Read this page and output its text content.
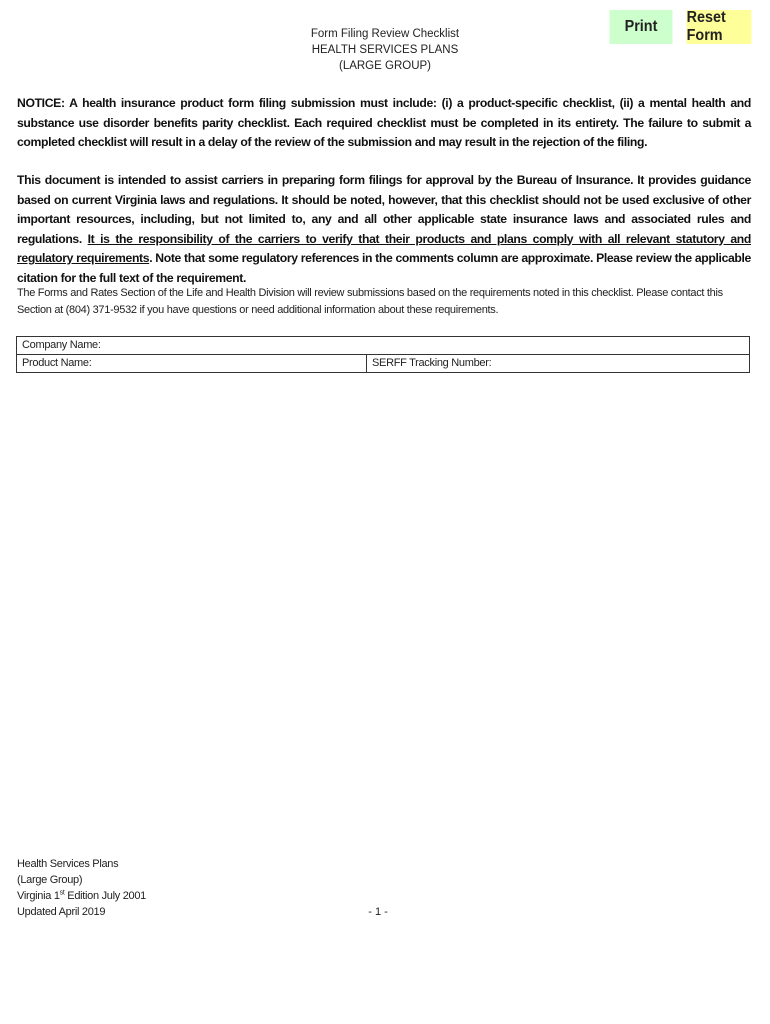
Print
Reset Form
Form Filing Review Checklist
HEALTH SERVICES PLANS
(LARGE GROUP)
NOTICE: A health insurance product form filing submission must include: (i) a product-specific checklist, (ii) a mental health and substance use disorder benefits parity checklist. Each required checklist must be completed in its entirety. The failure to submit a completed checklist will result in a delay of the review of the submission and may result in the rejection of the filing.
This document is intended to assist carriers in preparing form filings for approval by the Bureau of Insurance. It provides guidance based on current Virginia laws and regulations. It should be noted, however, that this checklist should not be used exclusive of other important resources, including, but not limited to, any and all other applicable state insurance laws and associated rules and regulations. It is the responsibility of the carriers to verify that their products and plans comply with all relevant statutory and regulatory requirements. Note that some regulatory references in the comments column are approximate. Please review the applicable citation for the full text of the requirement.
The Forms and Rates Section of the Life and Health Division will review submissions based on the requirements noted in this checklist. Please contact this Section at (804) 371-9532 if you have questions or need additional information about these requirements.
Company Name:
Product Name:	SERFF Tracking Number:
Health Services Plans
(Large Group)
Virginia 1st Edition July 2001
Updated April 2019	- 1 -
